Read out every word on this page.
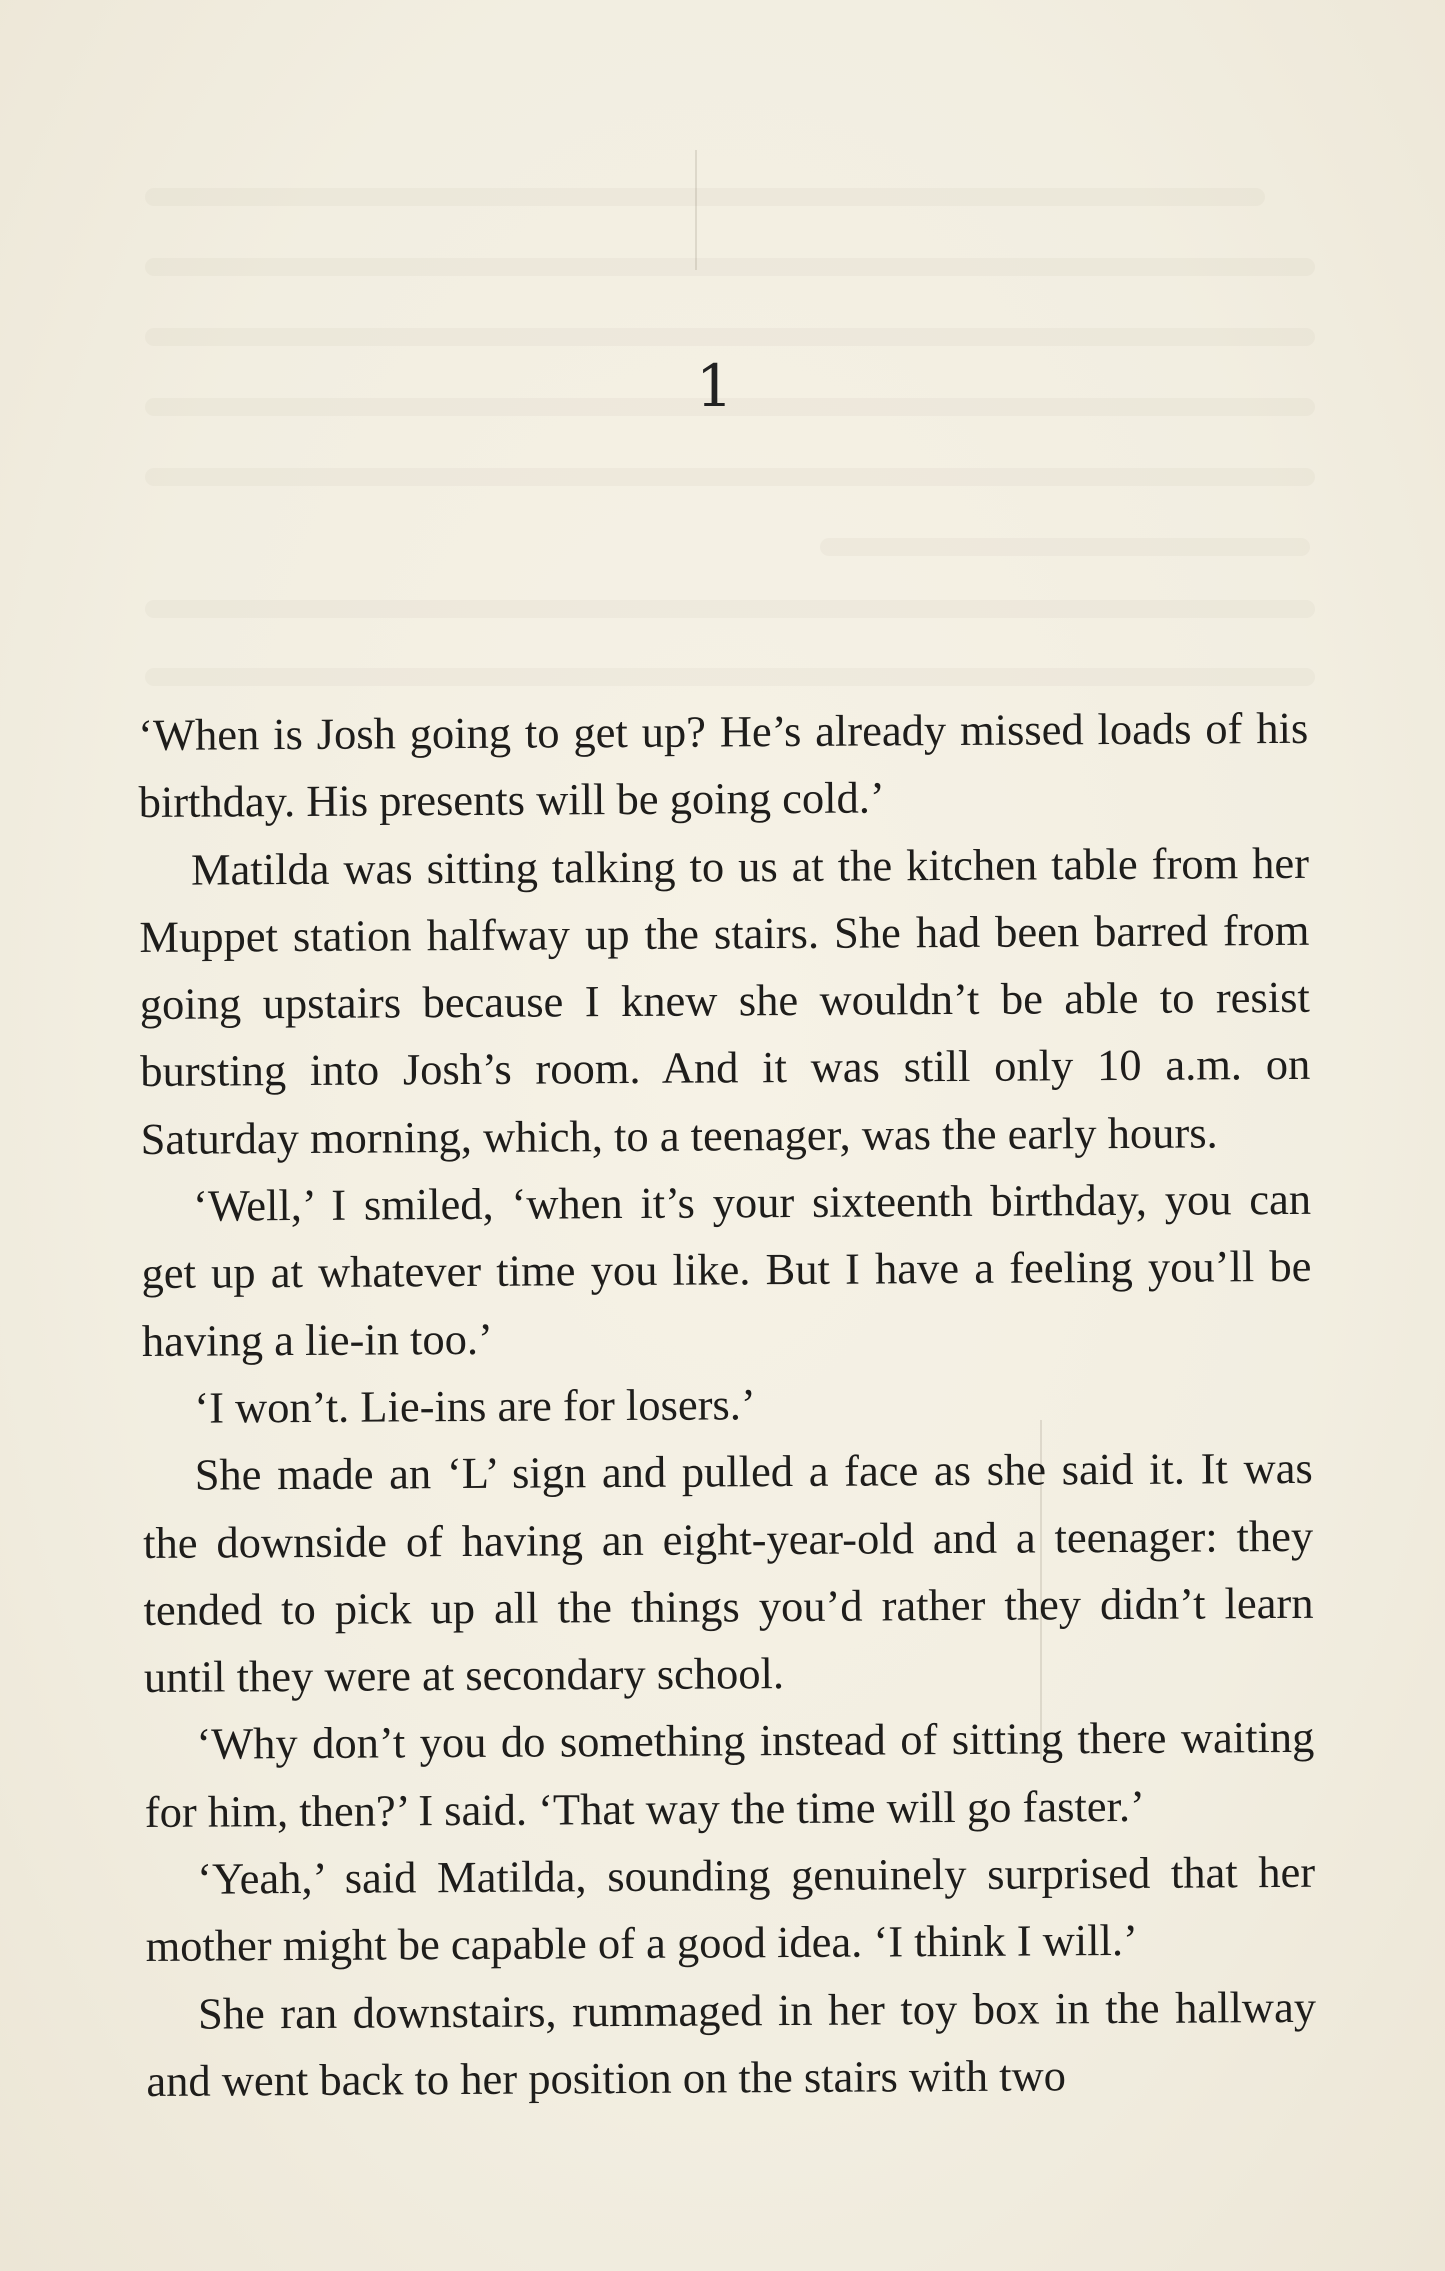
1

‘When is Josh going to get up? He’s already missed loads of his birthday. His presents will be going cold.’

Matilda was sitting talking to us at the kitchen table from her Muppet station halfway up the stairs. She had been barred from going upstairs because I knew she wouldn’t be able to resist bursting into Josh’s room. And it was still only 10 a.m. on Saturday morning, which, to a teenager, was the early hours.

‘Well,’ I smiled, ‘when it’s your sixteenth birthday, you can get up at whatever time you like. But I have a feeling you’ll be having a lie-in too.’

‘I won’t. Lie-ins are for losers.’

She made an ‘L’ sign and pulled a face as she said it. It was the downside of having an eight-year-old and a teenager: they tended to pick up all the things you’d rather they didn’t learn until they were at secondary school.

‘Why don’t you do something instead of sitting there waiting for him, then?’ I said. ‘That way the time will go faster.’

‘Yeah,’ said Matilda, sounding genuinely surprised that her mother might be capable of a good idea. ‘I think I will.’

She ran downstairs, rummaged in her toy box in the hallway and went back to her position on the stairs with two
